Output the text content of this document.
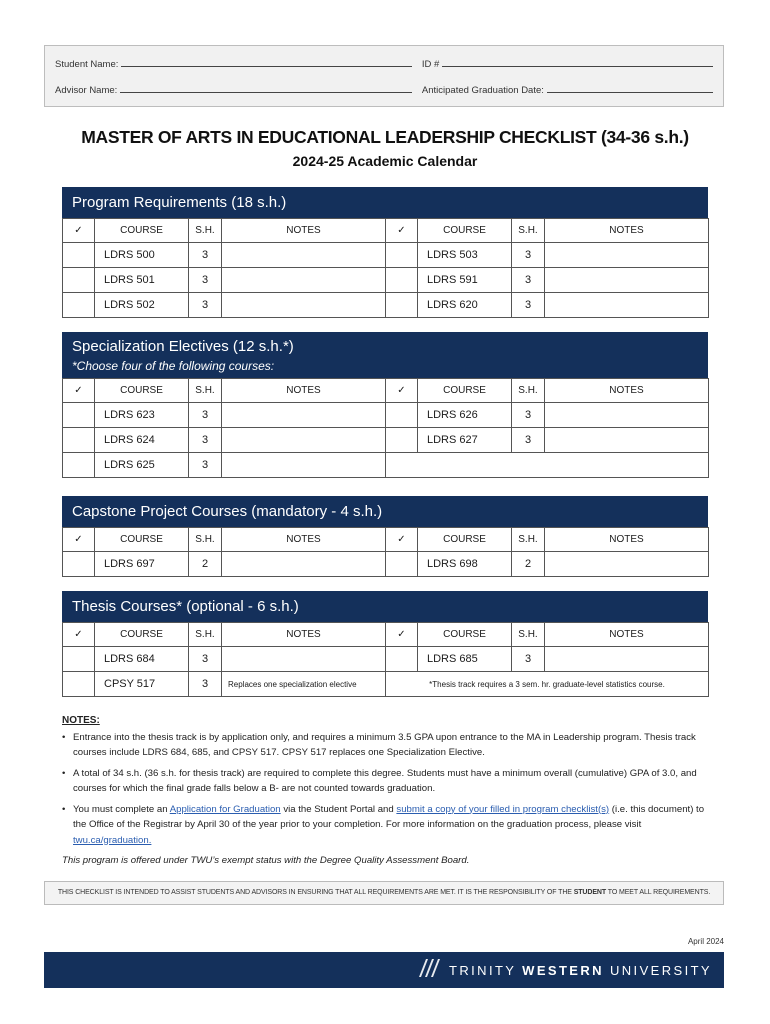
Student Name:	ID #
Advisor Name:	Anticipated Graduation Date:
MASTER OF ARTS IN EDUCATIONAL LEADERSHIP CHECKLIST (34-36 s.h.)
2024-25 Academic Calendar
Program Requirements (18 s.h.)
✓	COURSE	S.H.	NOTES	✓	COURSE	S.H.	NOTES
	LDRS 500	3			LDRS 503	3	
	LDRS 501	3			LDRS 591	3	
	LDRS 502	3			LDRS 620	3	
Specialization Electives (12 s.h.*)
*Choose four of the following courses:
✓	COURSE	S.H.	NOTES	✓	COURSE	S.H.	NOTES
	LDRS 623	3			LDRS 626	3	
	LDRS 624	3			LDRS 627	3	
	LDRS 625	3					
Capstone Project Courses (mandatory - 4 s.h.)
✓	COURSE	S.H.	NOTES	✓	COURSE	S.H.	NOTES
	LDRS 697	2			LDRS 698	2	
Thesis Courses* (optional - 6 s.h.)
✓	COURSE	S.H.	NOTES	✓	COURSE	S.H.	NOTES
	LDRS 684	3			LDRS 685	3	
	CPSY 517	3	Replaces one specialization elective	*Thesis track requires a 3 sem. hr. graduate-level statistics course.			
NOTES:
• Entrance into the thesis track is by application only, and requires a minimum 3.5 GPA upon entrance to the MA in Leadership program. Thesis track courses include LDRS 684, 685, and CPSY 517. CPSY 517 replaces one Specialization Elective.
• A total of 34 s.h. (36 s.h. for thesis track) are required to complete this degree. Students must have a minimum overall (cumulative) GPA of 3.0, and courses for which the final grade falls below a B- are not counted towards graduation.
• You must complete an Application for Graduation via the Student Portal and submit a copy of your filled in program checklist(s) (i.e. this document) to the Office of the Registrar by April 30 of the year prior to your completion. For more information on the graduation process, please visit twu.ca/graduation.
This program is offered under TWU’s exempt status with the Degree Quality Assessment Board.
THIS CHECKLIST IS INTENDED TO ASSIST STUDENTS AND ADVISORS IN ENSURING THAT ALL REQUIREMENTS ARE MET. IT IS THE RESPONSIBILITY OF THE STUDENT TO MEET ALL REQUIREMENTS.
April 2024
TRINITY WESTERN UNIVERSITY
